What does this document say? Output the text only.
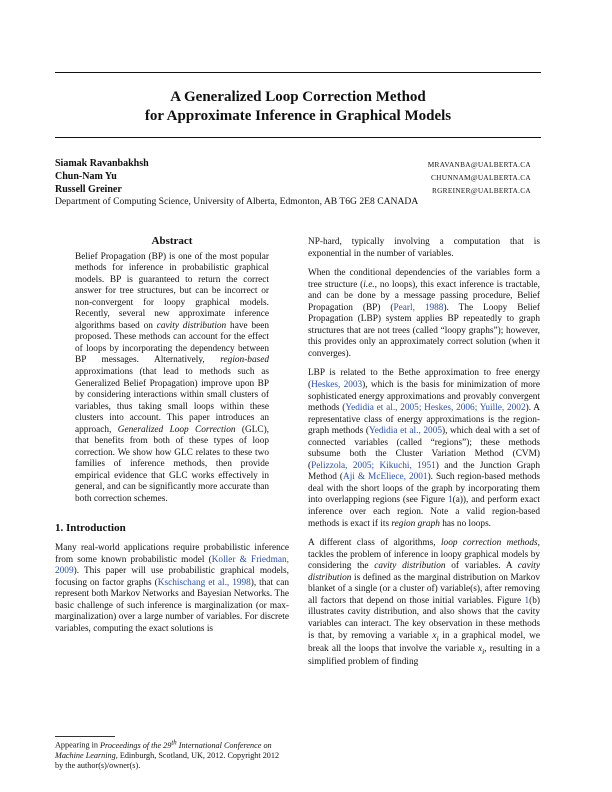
A Generalized Loop Correction Method
for Approximate Inference in Graphical Models
Siamak Ravanbakhsh	MRAVANBA@UALBERTA.CA
Chun-Nam Yu	CHUNNAM@UALBERTA.CA
Russell Greiner	RGREINER@UALBERTA.CA
Department of Computing Science, University of Alberta, Edmonton, AB T6G 2E8 CANADA
Abstract
Belief Propagation (BP) is one of the most popular methods for inference in probabilistic graphical models. BP is guaranteed to return the correct answer for tree structures, but can be incorrect or non-convergent for loopy graphical models. Recently, several new approximate inference algorithms based on cavity distribution have been proposed. These methods can account for the effect of loops by incorporating the dependency between BP messages. Alternatively, region-based approximations (that lead to methods such as Generalized Belief Propagation) improve upon BP by considering interactions within small clusters of variables, thus taking small loops within these clusters into account. This paper introduces an approach, Generalized Loop Correction (GLC), that benefits from both of these types of loop correction. We show how GLC relates to these two families of inference methods, then provide empirical evidence that GLC works effectively in general, and can be significantly more accurate than both correction schemes.
1. Introduction
Many real-world applications require probabilistic inference from some known probabilistic model (Koller & Friedman, 2009). This paper will use probabilistic graphical models, focusing on factor graphs (Kschischang et al., 1998), that can represent both Markov Networks and Bayesian Networks. The basic challenge of such inference is marginalization (or max-marginalization) over a large number of variables. For discrete variables, computing the exact solutions is
Appearing in Proceedings of the 29th International Conference on Machine Learning, Edinburgh, Scotland, UK, 2012. Copyright 2012 by the author(s)/owner(s).
NP-hard, typically involving a computation that is exponential in the number of variables.
When the conditional dependencies of the variables form a tree structure (i.e., no loops), this exact inference is tractable, and can be done by a message passing procedure, Belief Propagation (BP) (Pearl, 1988). The Loopy Belief Propagation (LBP) system applies BP repeatedly to graph structures that are not trees (called “loopy graphs”); however, this provides only an approximately correct solution (when it converges).
LBP is related to the Bethe approximation to free energy (Heskes, 2003), which is the basis for minimization of more sophisticated energy approximations and provably convergent methods (Yedidia et al., 2005; Heskes, 2006; Yuille, 2002). A representative class of energy approximations is the region-graph methods (Yedidia et al., 2005), which deal with a set of connected variables (called “regions”); these methods subsume both the Cluster Variation Method (CVM) (Pelizzola, 2005; Kikuchi, 1951) and the Junction Graph Method (Aji & McEliece, 2001). Such region-based methods deal with the short loops of the graph by incorporating them into overlapping regions (see Figure 1(a)), and perform exact inference over each region. Note a valid region-based methods is exact if its region graph has no loops.
A different class of algorithms, loop correction methods, tackles the problem of inference in loopy graphical models by considering the cavity distribution of variables. A cavity distribution is defined as the marginal distribution on Markov blanket of a single (or a cluster of) variable(s), after removing all factors that depend on those initial variables. Figure 1(b) illustrates cavity distribution, and also shows that the cavity variables can interact. The key observation in these methods is that, by removing a variable $x_i$ in a graphical model, we break all the loops that involve the variable $x_i$, resulting in a simplified problem of finding
